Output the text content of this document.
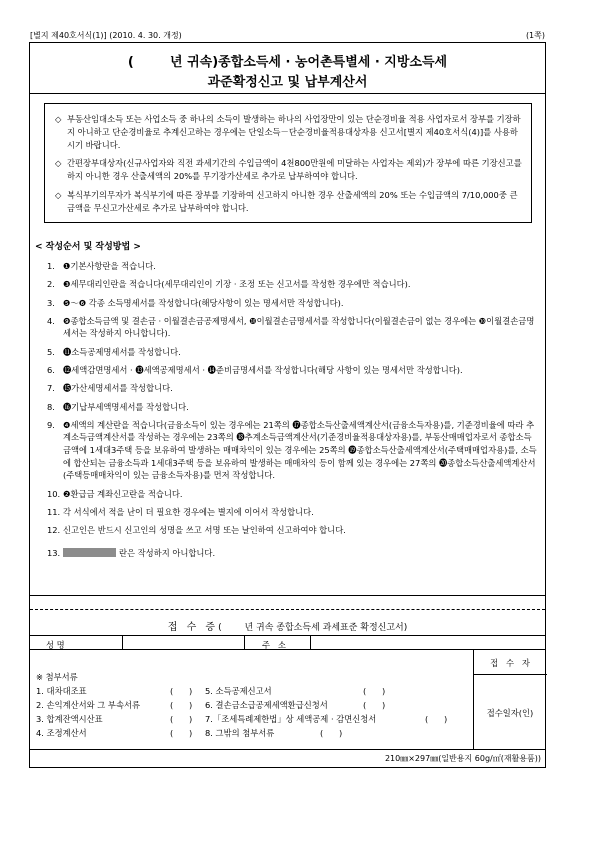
[별지 제40호서식(1)] (2010. 4. 30. 개정)	(1쪽)
(        년 귀속)종합소득세 · 농어촌특별세 · 지방소득세
과준확정신고 및 납부계산서
◇ 부동산임대소득 또는 사업소득 중 하나의 소득이 발생하는 하나의 사업장만이 있는 단순경비율 적용 사업자로서 장부를 기장하지 아니하고 단순경비율로 추계신고하는 경우에는 단일소득－단순경비율적용대상자용 신고서[별지 제40호서식(4)]를 사용하시기 바랍니다.
◇ 간편장부대상자(신규사업자와 직전 과세기간의 수입금액이 4천800만원에 미달하는 사업자는 제외)가 장부에 따른 기장신고를 하지 아니한 경우 산출세액의 20%를 무기장가산세로 추가로 납부하여야 합니다.
◇ 복식부기의무자가 복식부기에 따른 장부를 기장하여 신고하지 아니한 경우 산출세액의 20% 또는 수입금액의 7/10,000중 큰 금액을 무신고가산세로 추가로 납부하여야 합니다.
< 작성순서 및 작성방법 >
1. ❶기본사항란을 적습니다.
2. ❸세무대리인란을 적습니다(세무대리인이 기장 · 조정 또는 신고서를 작성한 경우에만 적습니다).
3. ❺～❻ 각종 소득명세서를 작성합니다(해당사항이 있는 명세서만 작성합니다).
4. ❾종합소득금액 및 결손금 · 이월결손금공제명세서, ❿이월결손금명세서를 작성합니다(이월결손금이 없는 경우에는 ❿이월결손금명세서는 작성하지 아니합니다).
5. ⓫소득공제명세서를 작성합니다.
6. ⓬세액감면명세서 · ⓭세액공제명세서 · ⓮준비금명세서를 작성합니다(해당 사항이 있는 명세서만 작성합니다).
7. ⓯가산세명세서를 작성합니다.
8. ⓰기납부세액명세서를 작성합니다.
9. ❹세액의 계산란을 적습니다(금융소득이 있는 경우에는 21쪽의 ⓱종합소득산출세액계산서(금융소득자용)를, 기준경비율에 따라 추계소득금액계산서를 작성하는 경우에는 23쪽의 ⓲추계소득금액계산서(기준경비율적용대상자용)를, 부동산매매업자로서 종합소득금액에 1세대3주택 등을 보유하여 발생하는 매매차익이 있는 경우에는 25쪽의 ⓳종합소득산출세액계산서(주택매매업자용)를, 소득에 합산되는 금융소득과 1세대3주택 등을 보유하여 발생하는 매매차익 등이 함께 있는 경우에는 27쪽의 ⓴종합소득산출세액계산서(주택등매매차익이 있는 금융소득자용)를 먼저 작성합니다.
10. ❷환급금 계좌신고란을 적습니다.
11. 각 서식에서 적을 난이 더 필요한 경우에는 별지에 이어서 작성합니다.
12. 신고인은 반드시 신고인의 성명을 쓰고 서명 또는 날인하여 신고하여야 합니다.
13.	란은 작성하지 아니합니다.
접 수 증(        년 귀속 종합소득세 과세표준 확정신고서)
성 명	주   소
접   수   자
접수일자(인)
※ 첨부서류
1. 대차대조표	(      )
2. 손익계산서와 그 부속서류	(      )
3. 합계잔액시산표	(      )
4. 조정계산서	(      )
5. 소득공제신고서	(      )
6. 결손금소급공제세액환급신청서	(      )
7.「조세특례제한법」상 세액공제 · 감면신청서	(      )
8. 그밖의 첨부서류	(      )
210㎜×297㎜(일반용지 60g/㎡(재활용품))
